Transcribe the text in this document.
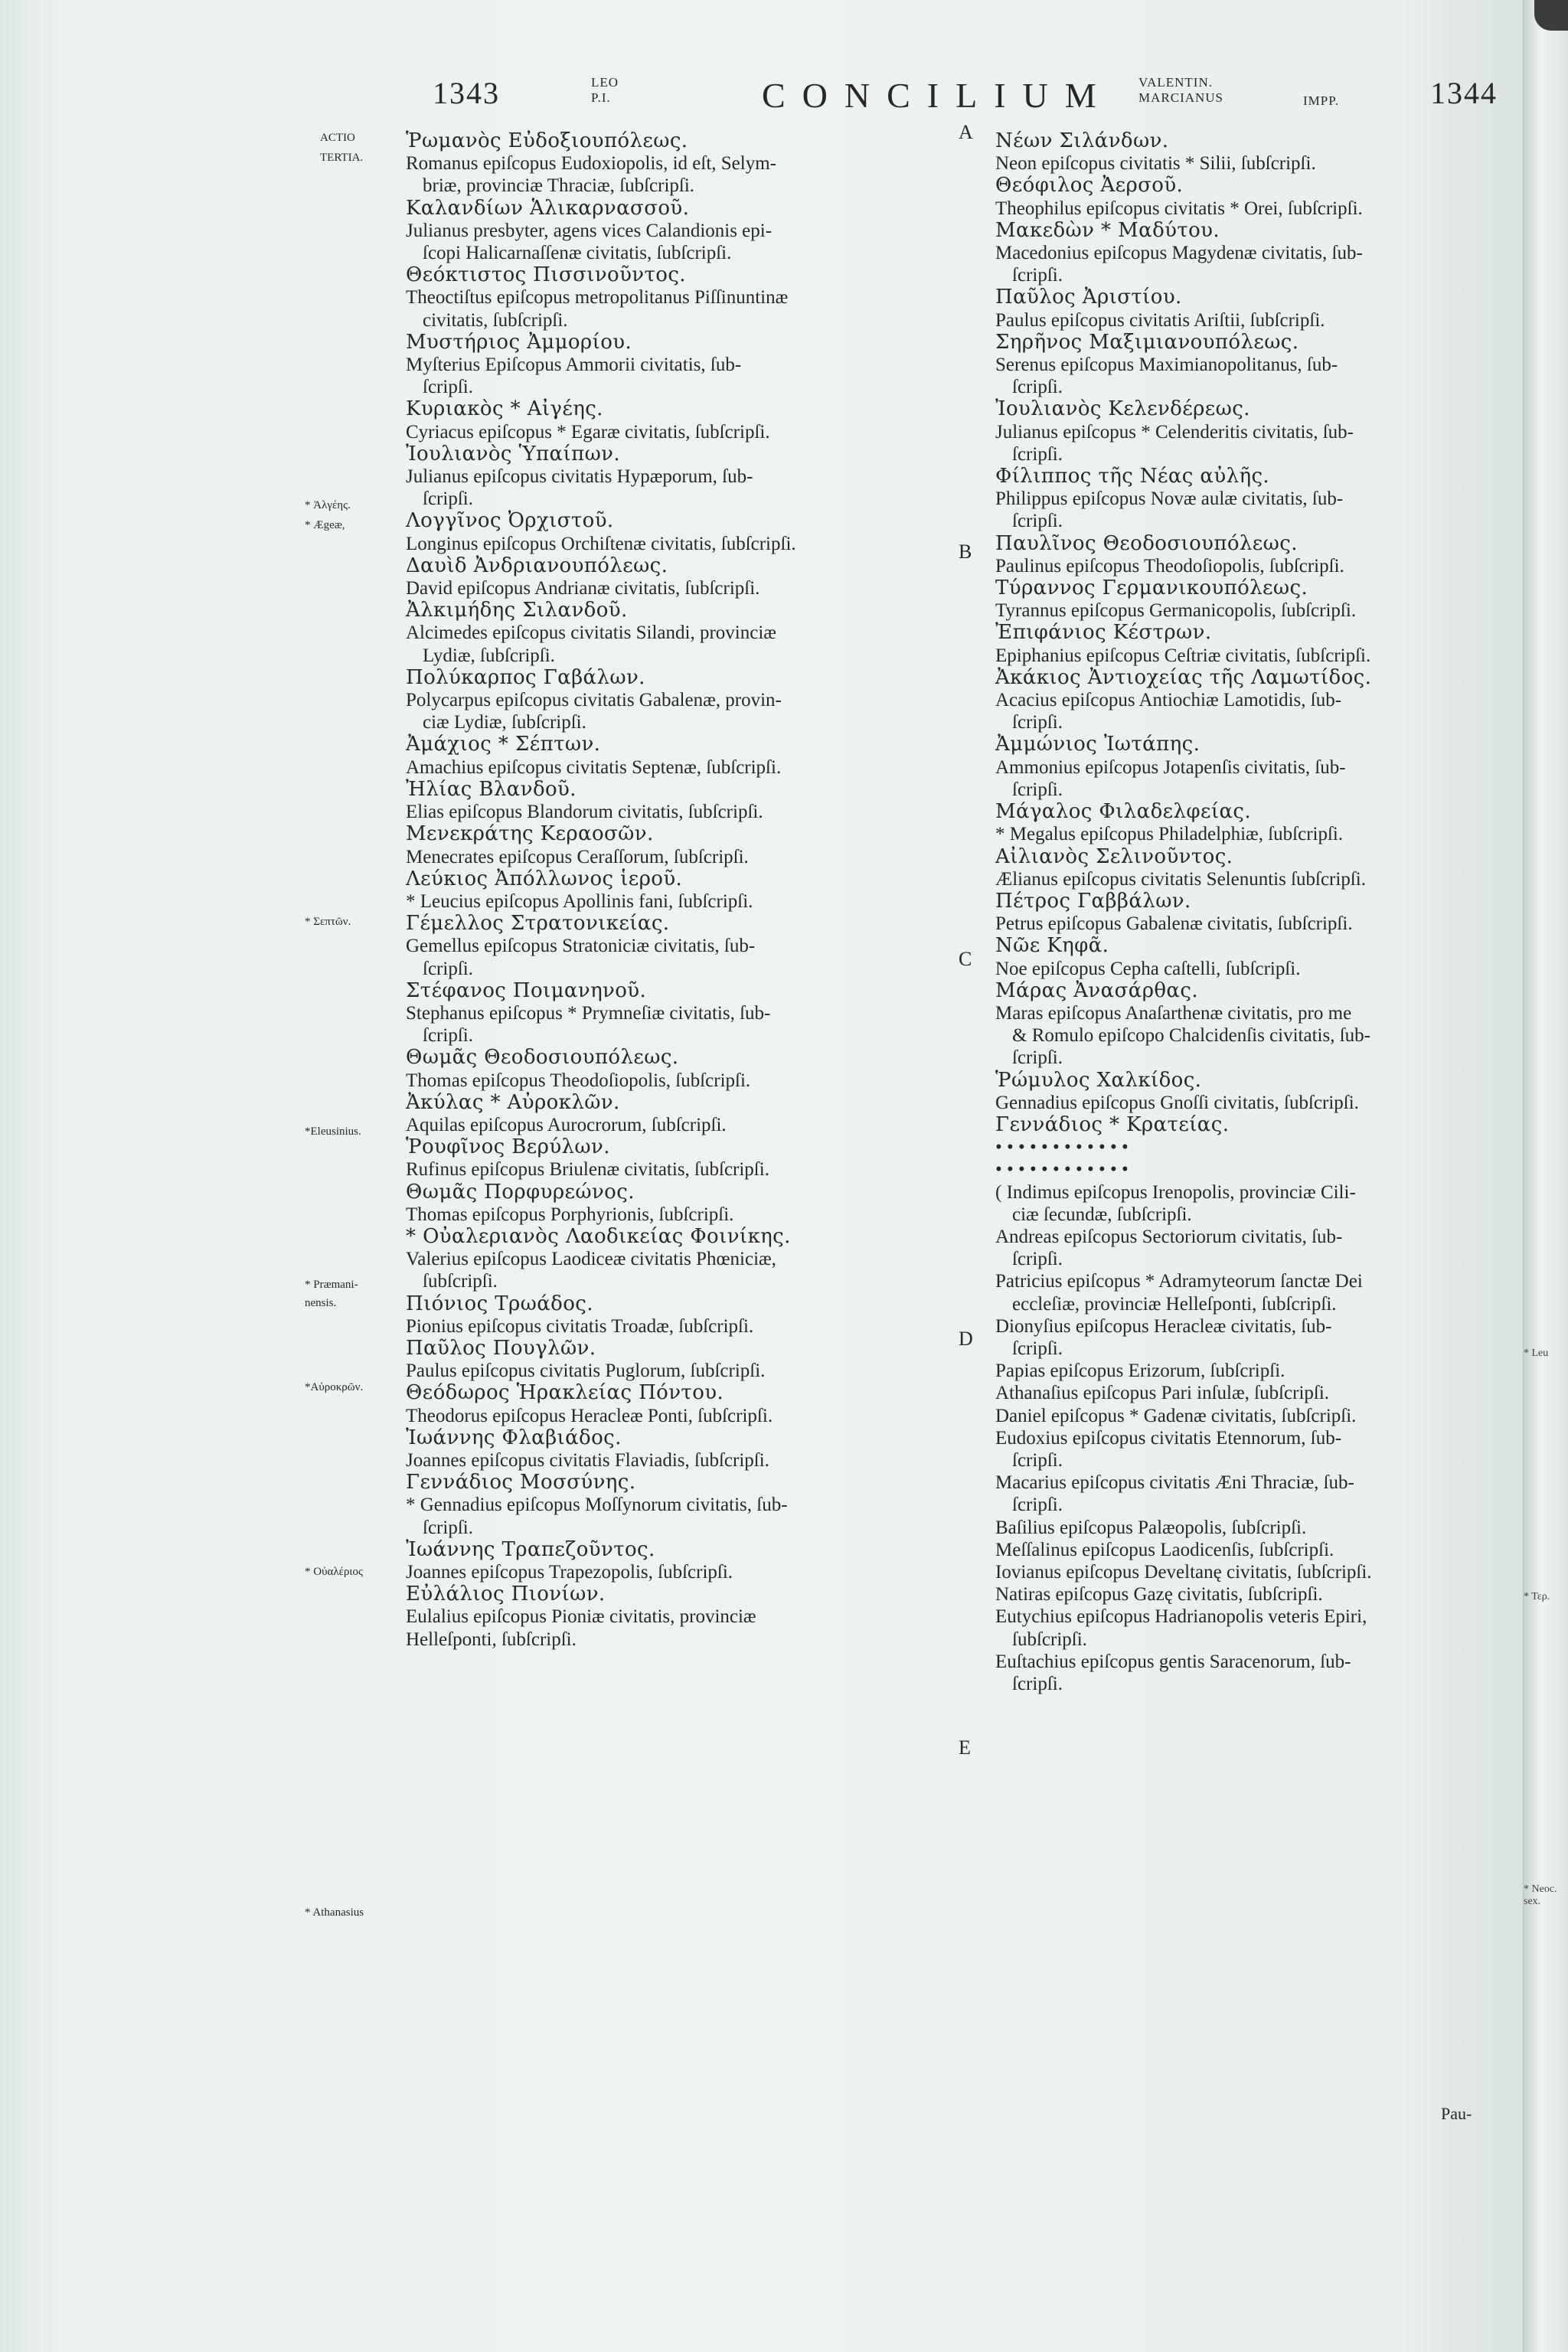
1343	LEO
P.I.	CONCILIUM VALENTIN.
MARCIANUS	IMPP.	1344
ACTIO
TERTIA.
* Ἀλγέης.
* Ægeæ,
* Σεπτῶν.
*Eleusinius.
* Præmani-
nensis.
*Αὐροκρῶν.
* Οὐαλέριος
* Athanasius
A
B
C
D
E

Ῥωμανὸς Εὐδοξιουπόλεως.

Romanus epiſcopus Eudoxiopolis, id eſt, Selym-

briæ, provinciæ Thraciæ, ſubſcripſi.

Καλανδίων Ἁλικαρνασσοῦ.

Julianus presbyter, agens vices Calandionis epi-

ſcopi Halicarnaſſenæ civitatis, ſubſcripſi.

Θεόκτιστος Πισσινοῦντος.

Theoctiſtus epiſcopus metropolitanus Piſſinuntinæ

civitatis, ſubſcripſi.

Μυστήριος Ἀμμορίου.

Myſterius Epiſcopus Ammorii civitatis, ſub-

ſcripſi.

Κυριακὸς * Αἰγέης.

Cyriacus epiſcopus * Egaræ civitatis, ſubſcripſi.

Ἰουλιανὸς Ὑπαίπων.

Julianus epiſcopus civitatis Hypæporum, ſub-

ſcripſi.

Λογγῖνος Ὀρχιστοῦ.

Longinus epiſcopus Orchiſtenæ civitatis, ſubſcripſi.

Δαυὶδ Ἀνδριανουπόλεως.

David epiſcopus Andrianæ civitatis, ſubſcripſi.

Ἀλκιμήδης Σιλανδοῦ.

Alcimedes epiſcopus civitatis Silandi, provinciæ

Lydiæ, ſubſcripſi.

Πολύκαρπος Γαβάλων.

Polycarpus epiſcopus civitatis Gabalenæ, provin-

ciæ Lydiæ, ſubſcripſi.

Ἀμάχιος * Σέπτων.

Amachius epiſcopus civitatis Septenæ, ſubſcripſi.

Ἠλίας Βλανδοῦ.

Elias epiſcopus Blandorum civitatis, ſubſcripſi.

Μενεκράτης Κεραοσῶν.

Menecrates epiſcopus Ceraſſorum, ſubſcripſi.

Λεύκιος Ἀπόλλωνος ἱεροῦ.

* Leucius epiſcopus Apollinis fani, ſubſcripſi.

Γέμελλος Στρατονικείας.

Gemellus epiſcopus Stratoniciæ civitatis, ſub-

ſcripſi.

Στέφανος Ποιμανηνοῦ.

Stephanus epiſcopus * Prymneſiæ civitatis, ſub-

ſcripſi.

Θωμᾶς Θεοδοσιουπόλεως.

Thomas epiſcopus Theodoſiopolis, ſubſcripſi.

Ἀκύλας * Αὐροκλῶν.

Aquilas epiſcopus Aurocrorum, ſubſcripſi.

Ῥουφῖνος Βερύλων.

Rufinus epiſcopus Briulenæ civitatis, ſubſcripſi.

Θωμᾶς Πορφυρεώνος.

Thomas epiſcopus Porphyrionis, ſubſcripſi.

* Οὐαλεριανὸς Λαοδικείας Φοινίκης.

Valerius epiſcopus Laodiceæ civitatis Phœniciæ,

ſubſcripſi.

Πιόνιος Τρωάδος.

Pionius epiſcopus civitatis Troadæ, ſubſcripſi.

Παῦλος Πουγλῶν.

Paulus epiſcopus civitatis Puglorum, ſubſcripſi.

Θεόδωρος Ἡρακλείας Πόντου.

Theodorus epiſcopus Heracleæ Ponti, ſubſcripſi.

Ἰωάννης Φλαβιάδος.

Joannes epiſcopus civitatis Flaviadis, ſubſcripſi.

Γεννάδιος Μοσσύνης.

* Gennadius epiſcopus Moſſynorum civitatis, ſub-

ſcripſi.

Ἰωάννης Τραπεζοῦντος.

Joannes epiſcopus Trapezopolis, ſubſcripſi.

Εὐλάλιος Πιονίων.

Eulalius epiſcopus Pioniæ civitatis, provinciæ

Helleſponti, ſubſcripſi.

Νέων Σιλάνδων.

Neon epiſcopus civitatis * Silii, ſubſcripſi.

Θεόφιλος Ἀερσοῦ.

Theophilus epiſcopus civitatis * Orei, ſubſcripſi.

Μακεδὼν * Μαδύτου.

Macedonius epiſcopus Magydenæ civitatis, ſub-

ſcripſi.

Παῦλος Ἀριστίου.

Paulus epiſcopus civitatis Ariſtii, ſubſcripſi.

Σηρῆνος Μαξιμιανουπόλεως.

Serenus epiſcopus Maximianopolitanus, ſub-

ſcripſi.

Ἰουλιανὸς Κελενδέρεως.

Julianus epiſcopus * Celenderitis civitatis, ſub-

ſcripſi.

Φίλιππος τῆς Νέας αὐλῆς.

Philippus epiſcopus Novæ aulæ civitatis, ſub-

ſcripſi.

Παυλῖνος Θεοδοσιουπόλεως.

Paulinus epiſcopus Theodoſiopolis, ſubſcripſi.

Τύραννος Γερμανικουπόλεως.

Tyrannus epiſcopus Germanicopolis, ſubſcripſi.

Ἐπιφάνιος Κέστρων.

Epiphanius epiſcopus Ceſtriæ civitatis, ſubſcripſi.

Ἀκάκιος Ἀντιοχείας τῆς Λαμωτίδος.

Acacius epiſcopus Antiochiæ Lamotidis, ſub-

ſcripſi.

Ἀμμώνιος Ἰωτάπης.

Ammonius epiſcopus Jotapenſis civitatis, ſub-

ſcripſi.

Μάγαλος Φιλαδελφείας.

* Megalus epiſcopus Philadelphiæ, ſubſcripſi.

Αἰλιανὸς Σελινοῦντος.

Ælianus epiſcopus civitatis Selenuntis ſubſcripſi.

Πέτρος Γαββάλων.

Petrus epiſcopus Gabalenæ civitatis, ſubſcripſi.

Νῶε Κηφᾶ.

Noe epiſcopus Cepha caſtelli, ſubſcripſi.

Μάρας Ἀνασάρθας.

Maras epiſcopus Anaſarthenæ civitatis, pro me

& Romulo epiſcopo Chalcidenſis civitatis, ſub-

ſcripſi.

Ῥώμυλος Χαλκίδος.

Gennadius epiſcopus Gnoſſi civitatis, ſubſcripſi.

Γεννάδιος * Κρατείας.

• • • • • • • • • • • •

• • • • • • • • • • • •

( Indimus epiſcopus Irenopolis, provinciæ Cili-

ciæ ſecundæ, ſubſcripſi.

Andreas epiſcopus Sectoriorum civitatis, ſub-

ſcripſi.

Patricius epiſcopus * Adramyteorum ſanctæ Dei

eccleſiæ, provinciæ Helleſponti, ſubſcripſi.

Dionyſius epiſcopus Heracleæ civitatis, ſub-

ſcripſi.

Papias epiſcopus Erizorum, ſubſcripſi.

Athanaſius epiſcopus Pari inſulæ, ſubſcripſi.

Daniel epiſcopus * Gadenæ civitatis, ſubſcripſi.

Eudoxius epiſcopus civitatis Etennorum, ſub-

ſcripſi.

Macarius epiſcopus civitatis Æni Thraciæ, ſub-

ſcripſi.

Baſilius epiſcopus Palæopolis, ſubſcripſi.

Meſſalinus epiſcopus Laodicenſis, ſubſcripſi.

Iovianus epiſcopus Develtanę civitatis, ſubſcripſi.

Natiras epiſcopus Gazę civitatis, ſubſcripſi.

Eutychius epiſcopus Hadrianopolis veteris Epiri,

ſubſcripſi.

Euſtachius epiſcopus gentis Saracenorum, ſub-

ſcripſi.

Pau-
* Leu
* Τερ.
* Neoc. sex.
